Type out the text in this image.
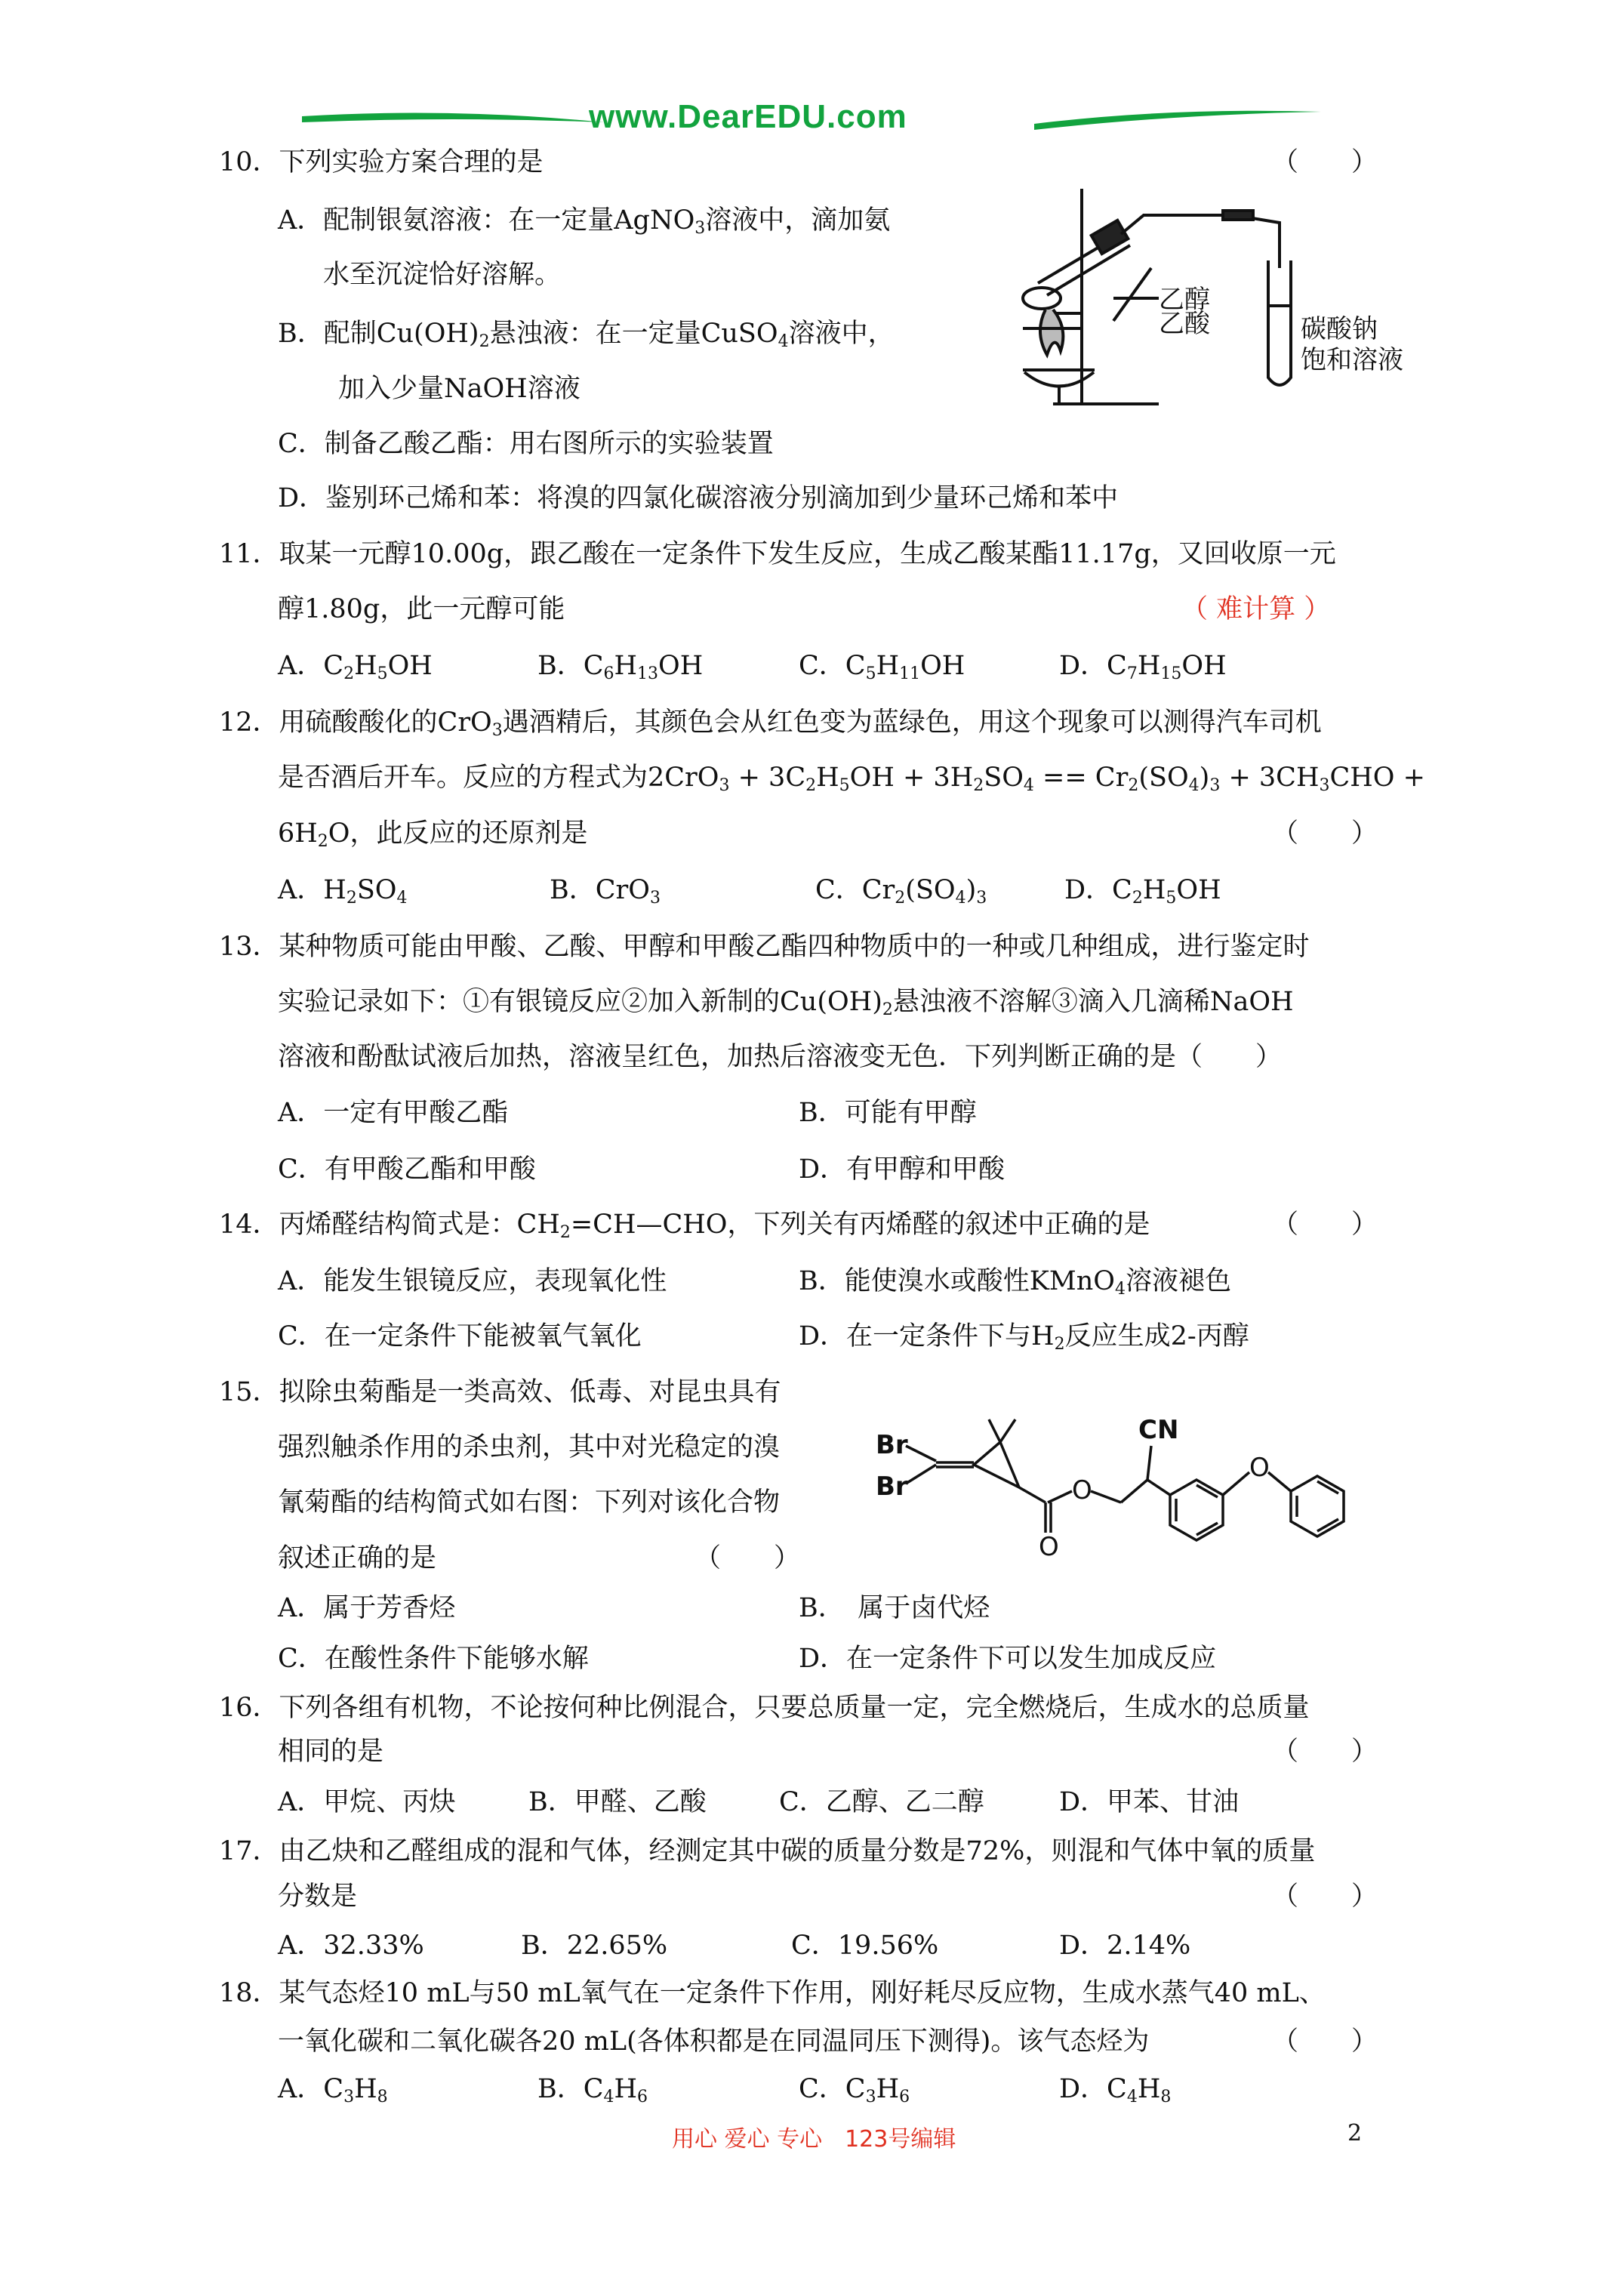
www.DearEDU.com
10．下列实验方案合理的是	（　　）
A．配制银氨溶液：在一定量AgNO$_3$溶液中，滴加氨
水至沉淀恰好溶解。
B．配制$Cu(OH)_2$悬浊液：在一定量CuSO$_4$溶液中，
加入少量NaOH溶液
C．制备乙酸乙酯：用右图所示的实验装置
D．鉴别环己烯和苯：将溴的四氯化碳溶液分别滴加到少量环己烯和苯中
乙醇
乙酸	碳酸钠
饱和溶液
11．取某一元醇10.00g，跟乙酸在一定条件下发生反应，生成乙酸某酯11.17g，又回收原一元
醇1.80g，此一元醇可能	（ 难计算 ）
A．$C_2H_5OH$	B．$C_6H_{13}OH$	C．$C_5H_{11}OH$	D．$C_7H_{15}OH$
12．用硫酸酸化的CrO$_3$遇酒精后，其颜色会从红色变为蓝绿色，用这个现象可以测得汽车司机
是否酒后开车。反应的方程式为$2CrO_3 + 3C_2H_5OH + 3H_2SO_4 == Cr_2(SO_4)_3 + 3CH_3CHO$ +
$6H_2O$，此反应的还原剂是	（　　）
A．$H_2SO_4$	B．CrO$_3$	C．$Cr_2(SO_4)_3$	D．$C_2H_5OH$
13．某种物质可能由甲酸、乙酸、甲醇和甲酸乙酯四种物质中的一种或几种组成，进行鉴定时
实验记录如下：①有银镜反应②加入新制的$Cu(OH)_2$悬浊液不溶解③滴入几滴稀NaOH
溶液和酚酞试液后加热，溶液呈红色，加热后溶液变无色．下列判断正确的是（　　）
A．一定有甲酸乙酯	B．可能有甲醇
C．有甲酸乙酯和甲酸	D．有甲醇和甲酸
14．丙烯醛结构简式是：$CH_2=CH—CHO$，下列关有丙烯醛的叙述中正确的是	（　　）
A．能发生银镜反应，表现氧化性	B．能使溴水或酸性KMnO$_4$溶液褪色
C．在一定条件下能被氧气氧化	D．在一定条件下与$H_2$反应生成2-丙醇
15．拟除虫菊酯是一类高效、低毒、对昆虫具有
强烈触杀作用的杀虫剂，其中对光稳定的溴
氰菊酯的结构简式如右图：下列对该化合物
叙述正确的是	（　　）
A．属于芳香烃	B．　属于卤代烃
C．在酸性条件下能够水解	D．在一定条件下可以发生加成反应
Br
Br
CN
O
O
O
16．下列各组有机物，不论按何种比例混合，只要总质量一定，完全燃烧后，生成水的总质量
相同的是	（　　）
A．甲烷、丙炔	B．甲醛、乙酸	C．乙醇、乙二醇	D．甲苯、甘油
17．由乙炔和乙醛组成的混和气体，经测定其中碳的质量分数是72%，则混和气体中氧的质量
分数是	（　　）
A．32.33%	B．22.65%	C．19.56%	D．2.14%
18．某气态烃10 mL与50 mL氧气在一定条件下作用，刚好耗尽反应物，生成水蒸气40 mL、
一氧化碳和二氧化碳各20 mL(各体积都是在同温同压下测得)。该气态烃为	（　　）
A．$C_3H_8$	B．$C_4H_6$	C．$C_3H_6$	D．$C_4H_8$
用心 爱心 专心　123号编辑	2
